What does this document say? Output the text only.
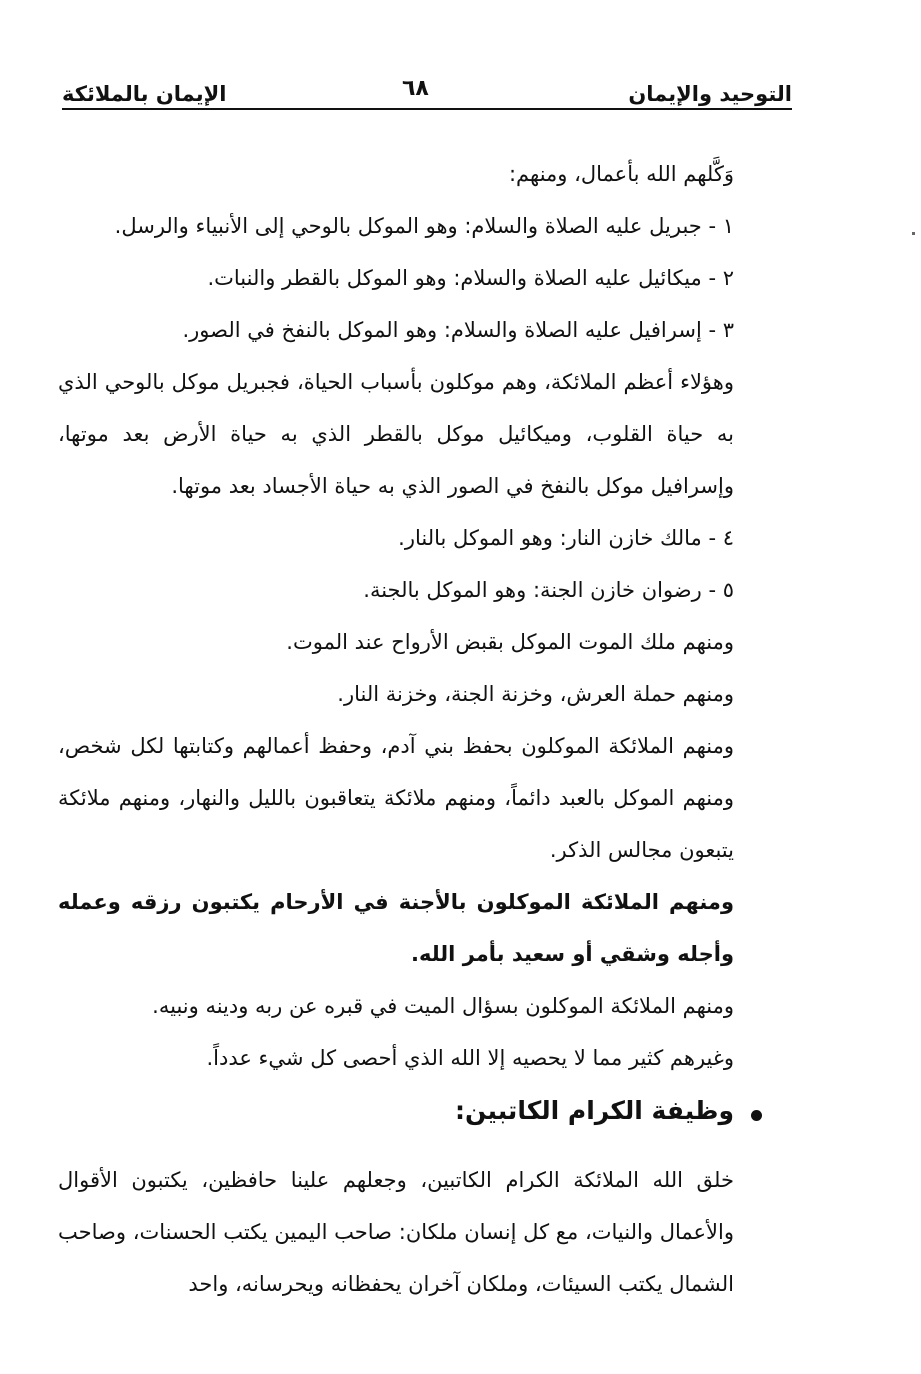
التوحيد والإيمان
٦٨
الإيمان بالملائكة

وَكَّلهم الله بأعمال، ومنهم:

١ - جبريل عليه الصلاة والسلام: وهو الموكل بالوحي إلى الأنبياء والرسل.

٢ - ميكائيل عليه الصلاة والسلام: وهو الموكل بالقطر والنبات.

٣ - إسرافيل عليه الصلاة والسلام: وهو الموكل بالنفخ في الصور.

وهؤلاء أعظم الملائكة، وهم موكلون بأسباب الحياة، فجبريل موكل بالوحي الذي به حياة القلوب، وميكائيل موكل بالقطر الذي به حياة الأرض بعد موتها، وإسرافيل موكل بالنفخ في الصور الذي به حياة الأجساد بعد موتها.

٤ - مالك خازن النار: وهو الموكل بالنار.

٥ - رضوان خازن الجنة: وهو الموكل بالجنة.

ومنهم ملك الموت الموكل بقبض الأرواح عند الموت.

ومنهم حملة العرش، وخزنة الجنة، وخزنة النار.

ومنهم الملائكة الموكلون بحفظ بني آدم، وحفظ أعمالهم وكتابتها لكل شخص، ومنهم الموكل بالعبد دائماً، ومنهم ملائكة يتعاقبون بالليل والنهار، ومنهم ملائكة يتبعون مجالس الذكر.

ومنهم الملائكة الموكلون بالأجنة في الأرحام يكتبون رزقه وعمله وأجله وشقي أو سعيد بأمر الله.

ومنهم الملائكة الموكلون بسؤال الميت في قبره عن ربه ودينه ونبيه.

وغيرهم كثير مما لا يحصيه إلا الله الذي أحصى كل شيء عدداً.

وظيفة الكرام الكاتبين:

خلق الله الملائكة الكرام الكاتبين، وجعلهم علينا حافظين، يكتبون الأقوال والأعمال والنيات، مع كل إنسان ملكان: صاحب اليمين يكتب الحسنات، وصاحب الشمال يكتب السيئات، وملكان آخران يحفظانه ويحرسانه، واحد
